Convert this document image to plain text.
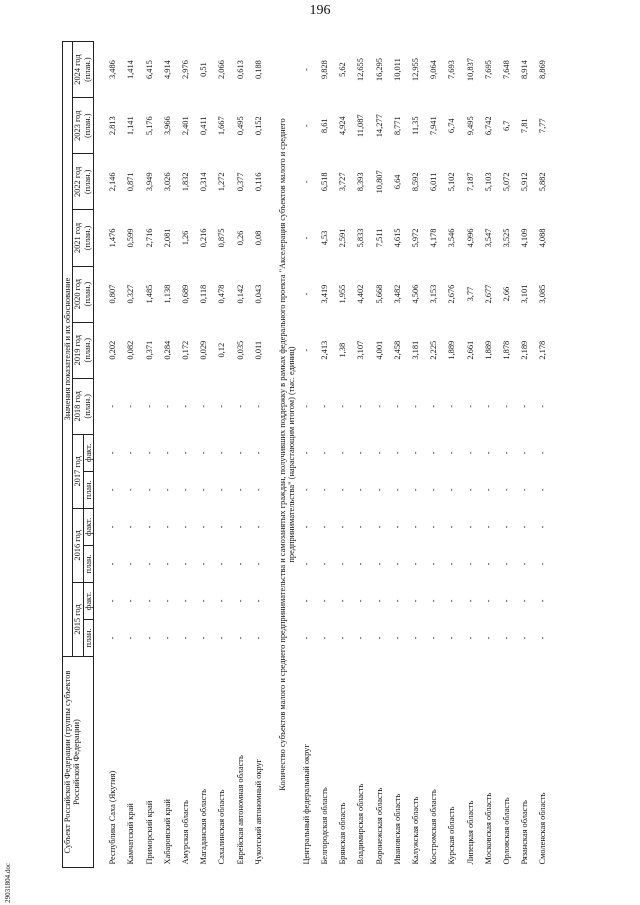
196
29031804.doc
Субъект Российской Федерации (группы субъектов Российской Федерации)	Значения показателей и их обоснование												
	2015 год		2016 год		2017 год		2018 год (план.)	2019 год (план.)	2020 год (план.)	2021 год (план.)	2022 год (план.)	2023 год (план.)	2024 год (план.)
	план.	факт.	план.	факт.	план.	факт.							

Республика Саха (Якутия)	-	-	-	-	-	-	-	0,202	0,807	1,476	2,146	2,813	3,486
Камчатский край	-	-	-	-	-	-	-	0,082	0,327	0,599	0,871	1,141	1,414
Приморский край	-	-	-	-	-	-	-	0,371	1,485	2,716	3,949	5,176	6,415
Хабаровский край	-	-	-	-	-	-	-	0,284	1,138	2,081	3,026	3,966	4,914
Амурская область	-	-	-	-	-	-	-	0,172	0,689	1,26	1,832	2,401	2,976
Магаданская область	-	-	-	-	-	-	-	0,029	0,118	0,216	0,314	0,411	0,51
Сахалинская область	-	-	-	-	-	-	-	0,12	0,478	0,875	1,272	1,667	2,066
Еврейская автономная область	-	-	-	-	-	-	-	0,035	0,142	0,26	0,377	0,495	0,613
Чукотский автономный округ	-	-	-	-	-	-	-	0,011	0,043	0,08	0,116	0,152	0,188
Количество субъектов малого и среднего предпринимательства и самозанятых граждан, получивших поддержку в рамках федерального проекта "Акселерация субъектов малого и среднего предпринимательства" (нарастающим итогом) (тыс. единиц)													
Центральный федеральный округ	-	-	-	-	-	-	-	-	-	-	-	-	-
Белгородская область	-	-	-	-	-	-	-	2,413	3,419	4,53	6,518	8,61	9,828
Брянская область	-	-	-	-	-	-	-	1,38	1,955	2,591	3,727	4,924	5,62
Владимирская область	-	-	-	-	-	-	-	3,107	4,402	5,833	8,393	11,087	12,655
Воронежская область	-	-	-	-	-	-	-	4,001	5,668	7,511	10,807	14,277	16,295
Ивановская область	-	-	-	-	-	-	-	2,458	3,482	4,615	6,64	8,771	10,011
Калужская область	-	-	-	-	-	-	-	3,181	4,506	5,972	8,592	11,35	12,955
Костромская область	-	-	-	-	-	-	-	2,225	3,153	4,178	6,011	7,941	9,064
Курская область	-	-	-	-	-	-	-	1,889	2,676	3,546	5,102	6,74	7,693
Липецкая область	-	-	-	-	-	-	-	2,661	3,77	4,996	7,187	9,495	10,837
Московская область	-	-	-	-	-	-	-	1,889	2,677	3,547	5,103	6,742	7,695
Орловская область	-	-	-	-	-	-	-	1,878	2,66	3,525	5,072	6,7	7,648
Рязанская область	-	-	-	-	-	-	-	2,189	3,101	4,109	5,912	7,81	8,914
Смоленская область	-	-	-	-	-	-	-	2,178	3,085	4,088	5,882	7,77	8,869
